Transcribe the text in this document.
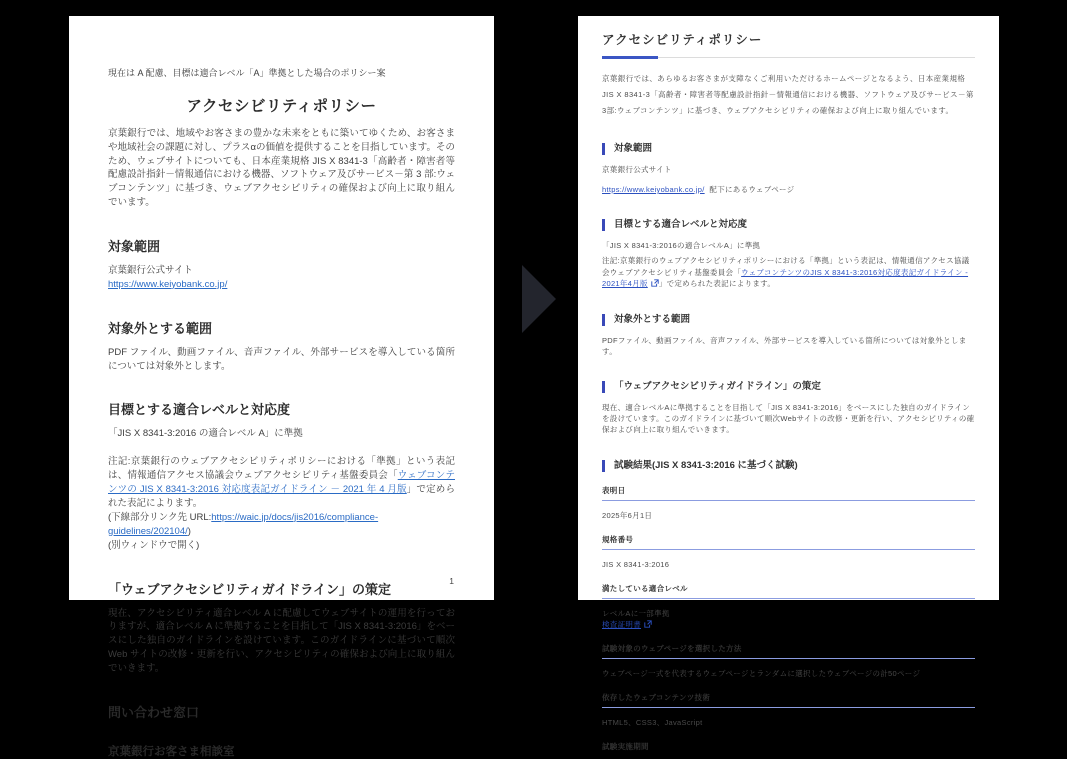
現在は A 配慮、目標は適合レベル「A」準拠とした場合のポリシー案

アクセシビリティポリシー

京葉銀行では、地域やお客さまの豊かな未来をともに築いてゆくため、お客さまや地域社会の課題に対し、プラスαの価値を提供することを目指しています。そのため、ウェブサイトについても、日本産業規格 JIS X 8341-3「高齢者・障害者等配慮設計指針－情報通信における機器、ソフトウェア及びサービス－第 3 部:ウェブコンテンツ」に基づき、ウェブアクセシビリティの確保および向上に取り組んでいます。

対象範囲

京葉銀行公式サイト

https://www.keiyobank.co.jp/

対象外とする範囲

PDF ファイル、動画ファイル、音声ファイル、外部サービスを導入している箇所については対象外とします。

目標とする適合レベルと対応度

「JIS X 8341-3:2016 の適合レベル A」に準拠

注記:京葉銀行のウェブアクセシビリティポリシーにおける「準拠」という表記は、情報通信アクセス協議会ウェブアクセシビリティ基盤委員会「ウェブコンテンツの JIS X 8341-3:2016 対応度表記ガイドライン － 2021 年 4 月版」で定められた表記によります。

(下線部分リンク先 URL:https://waic.jp/docs/jis2016/compliance-guidelines/202104/)

(別ウィンドウで開く)

「ウェブアクセシビリティガイドライン」の策定

現在、アクセシビリティ適合レベル A に配慮してウェブサイトの運用を行っておりますが、適合レベル A に準拠することを目指して「JIS X 8341-3:2016」をベースにした独自のガイドラインを設けています。このガイドラインに基づいて順次 Web サイトの改修・更新を行い、アクセシビリティの確保および向上に取り組んでいきます。

問い合わせ窓口
京葉銀行お客さま相談室
1
アクセシビリティポリシー

京葉銀行では、あらゆるお客さまが支障なくご利用いただけるホームページとなるよう、日本産業規格JIS X 8341-3「高齢者・障害者等配慮設計指針－情報通信における機器、ソフトウェア及びサービス－第3部:ウェブコンテンツ」に基づき、ウェブアクセシビリティの確保および向上に取り組んでいます。

対象範囲

京葉銀行公式サイト

https://www.keiyobank.co.jp/ 配下にあるウェブページ

目標とする適合レベルと対応度

「JIS X 8341-3:2016の適合レベルA」に準拠

注記:京葉銀行のウェブアクセシビリティポリシーにおける「準拠」という表記は、情報通信アクセス協議会ウェブアクセシビリティ基盤委員会「ウェブコンテンツのJIS X 8341-3:2016対応度表記ガイドライン - 2021年4月版 」で定められた表記によります。

対象外とする範囲

PDFファイル、動画ファイル、音声ファイル、外部サービスを導入している箇所については対象外とします。

「ウェブアクセシビリティガイドライン」の策定

現在、適合レベルAに準拠することを目指して「JIS X 8341-3:2016」をベースにした独自のガイドラインを設けています。このガイドラインに基づいて順次Webサイトの改修・更新を行い、アクセシビリティの確保および向上に取り組んでいきます。

試験結果(JIS X 8341-3:2016 に基づく試験)

表明日

2025年6月1日

規格番号

JIS X 8341-3:2016

満たしている適合レベル

レベルAに一部準拠

検査証明書

試験対象のウェブページを選択した方法

ウェブページ一式を代表するウェブページとランダムに選択したウェブページの計50ページ

依存したウェブコンテンツ技術

HTML5、CSS3、JavaScript

試験実施期間
